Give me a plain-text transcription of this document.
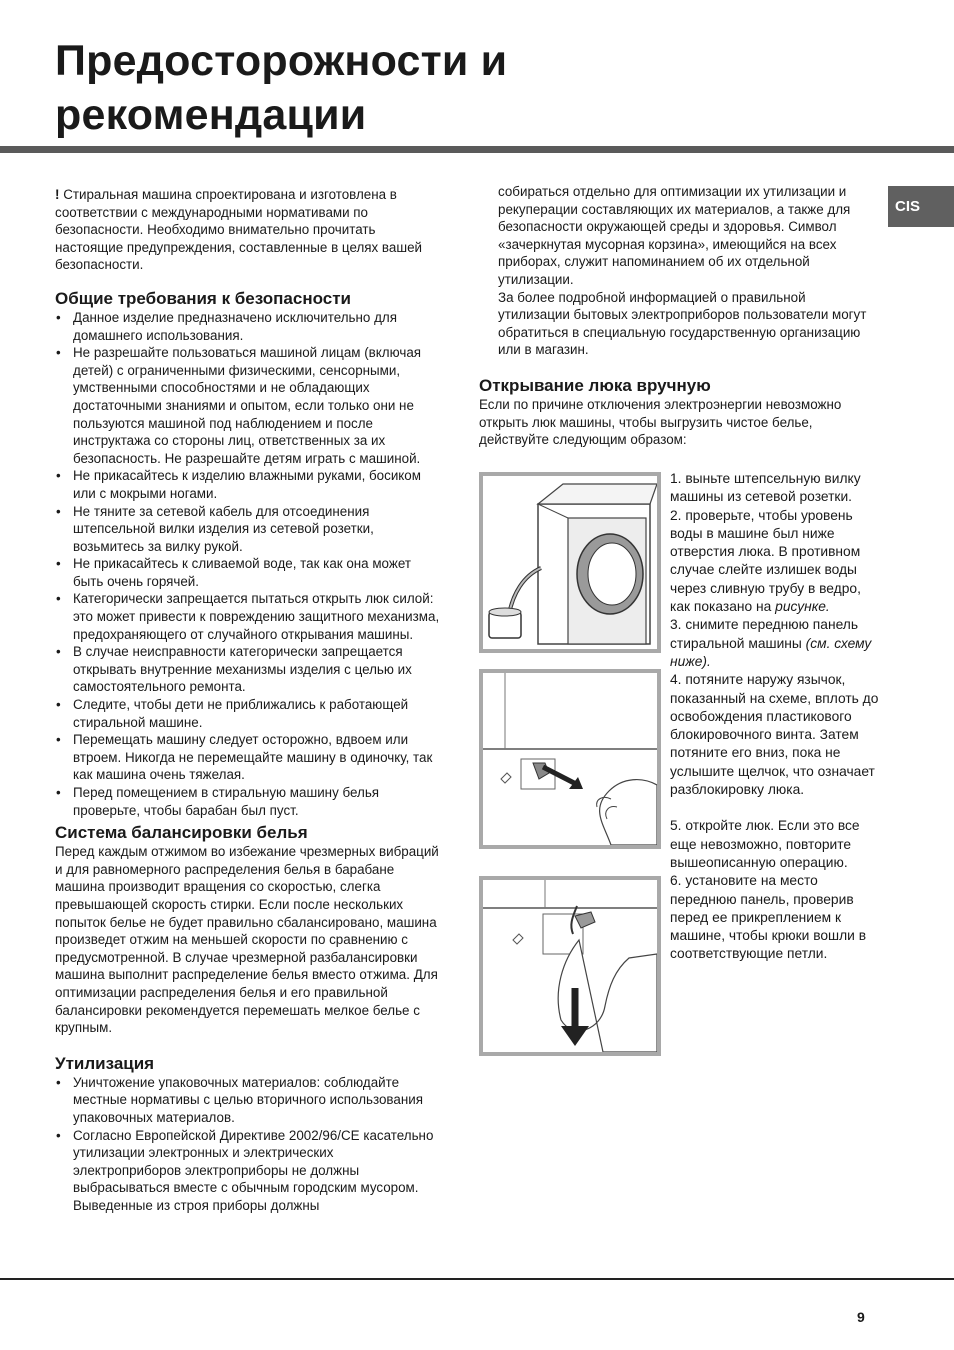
Предосторожности и
рекомендации
CIS

! Стиральная машина спроектирована и изготовлена в соответствии с международными нормативами по безопасности. Необходимо внимательно прочитать настоящие предупреждения, составленные в целях вашей безопасности.

Общие требования к безопасности
• Данное изделие предназначено исключительно для домашнего использования.
• Не разрешайте пользоваться машиной лицам (включая детей) с ограниченными физическими, сенсорными, умственными способностями и не обладающих достаточными знаниями и опытом, если только они не пользуются машиной под наблюдением и после инструктажа со стороны лиц, ответственных за их безопасность. Не разрешайте детям играть с машиной.
• Не прикасайтесь к изделию влажными руками, босиком или с мокрыми ногами.
• Не тяните за сетевой кабель для отсоединения штепсельной вилки изделия из сетевой розетки, возьмитесь за вилку рукой.
• Не прикасайтесь к сливаемой воде, так как она может быть очень горячей.
• Категорически запрещается пытаться открыть люк силой: это может привести к повреждению защитного механизма, предохраняющего от случайного открывания машины.
• В случае неисправности категорически запрещается открывать внутренние механизмы изделия с целью их самостоятельного ремонта.
• Следите, чтобы дети не приближались к работающей стиральной машине.
• Перемещать машину следует осторожно, вдвоем или втроем. Никогда не перемещайте машину в одиночку, так как машина очень тяжелая.
• Перед помещением в стиральную машину белья проверьте, чтобы барабан был пуст.
Система балансировки белья

Перед каждым отжимом во избежание чрезмерных вибраций и для равномерного распределения белья в барабане машина производит вращения со скоростью, слегка превышающей скорость стирки. Если после нескольких попыток белье не будет правильно сбалансировано, машина произведет отжим на меньшей скорости по сравнению с предусмотренной. В случае чрезмерной разбалансировки машина выполнит распределение белья вместо отжима. Для оптимизации распределения белья и его правильной балансировки рекомендуется перемешать мелкое белье с крупным.

Утилизация
• Уничтожение упаковочных материалов: соблюдайте местные нормативы с целью вторичного использования упаковочных материалов.
• Согласно Европейской Директиве 2002/96/CE касательно утилизации электронных и электрических электроприборов электроприборы не должны выбрасываться вместе с обычным городским мусором. Выведенные из строя приборы должны

собираться отдельно для оптимизации их утилизации и рекуперации составляющих их материалов, а также для безопасности окружающей среды и здоровья. Символ «зачеркнутая мусорная корзина», имеющийся на всех приборах, служит напоминанием об их отдельной утилизации.

За более подробной информацией о правильной утилизации бытовых электроприборов пользователи могут обратиться в специальную государственную организацию или в магазин.

Открывание люка вручную

Если по причине отключения электроэнергии невозможно открыть люк машины, чтобы выгрузить чистое белье, действуйте следующим образом:

1. выньте штепсельную вилку машины из сетевой розетки.

2. проверьте, чтобы уровень воды в машине был ниже отверстия люка. В противном случае слейте излишек воды через сливную трубу в ведро, как показано на рисунке.

3. снимите переднюю панель стиральной машины (см. схему ниже).

4. потяните наружу язычок, показанный на схеме, вплоть до освобождения пластикового блокировочного винта. Затем потяните его вниз, пока не услышите щелчок, что означает разблокировку люка.

5. откройте люк. Если это все еще невозможно, повторите вышеописанную операцию.

6. установите на место переднюю панель, проверив перед ее прикреплением к машине, чтобы крюки вошли в соответствующие петли.

9
